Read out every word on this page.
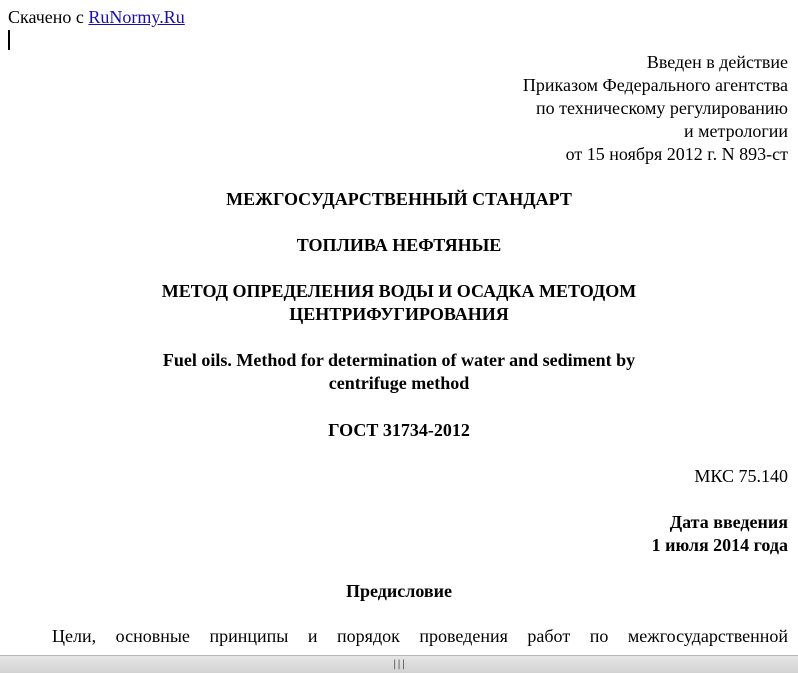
Скачено с RuNormy.Ru
Введен в действие
Приказом Федерального агентства
по техническому регулированию
и метрологии
от 15 ноября 2012 г. N 893-ст
МЕЖГОСУДАРСТВЕННЫЙ СТАНДАРТ
ТОПЛИВА НЕФТЯНЫЕ
МЕТОД ОПРЕДЕЛЕНИЯ ВОДЫ И ОСАДКА МЕТОДОМ
ЦЕНТРИФУГИРОВАНИЯ
Fuel oils. Method for determination of water and sediment by
centrifuge method
ГОСТ 31734-2012
МКС 75.140
Дата введения
1 июля 2014 года
Предисловие
Цели, основные принципы и порядок проведения работ по межгосударственной
|||
